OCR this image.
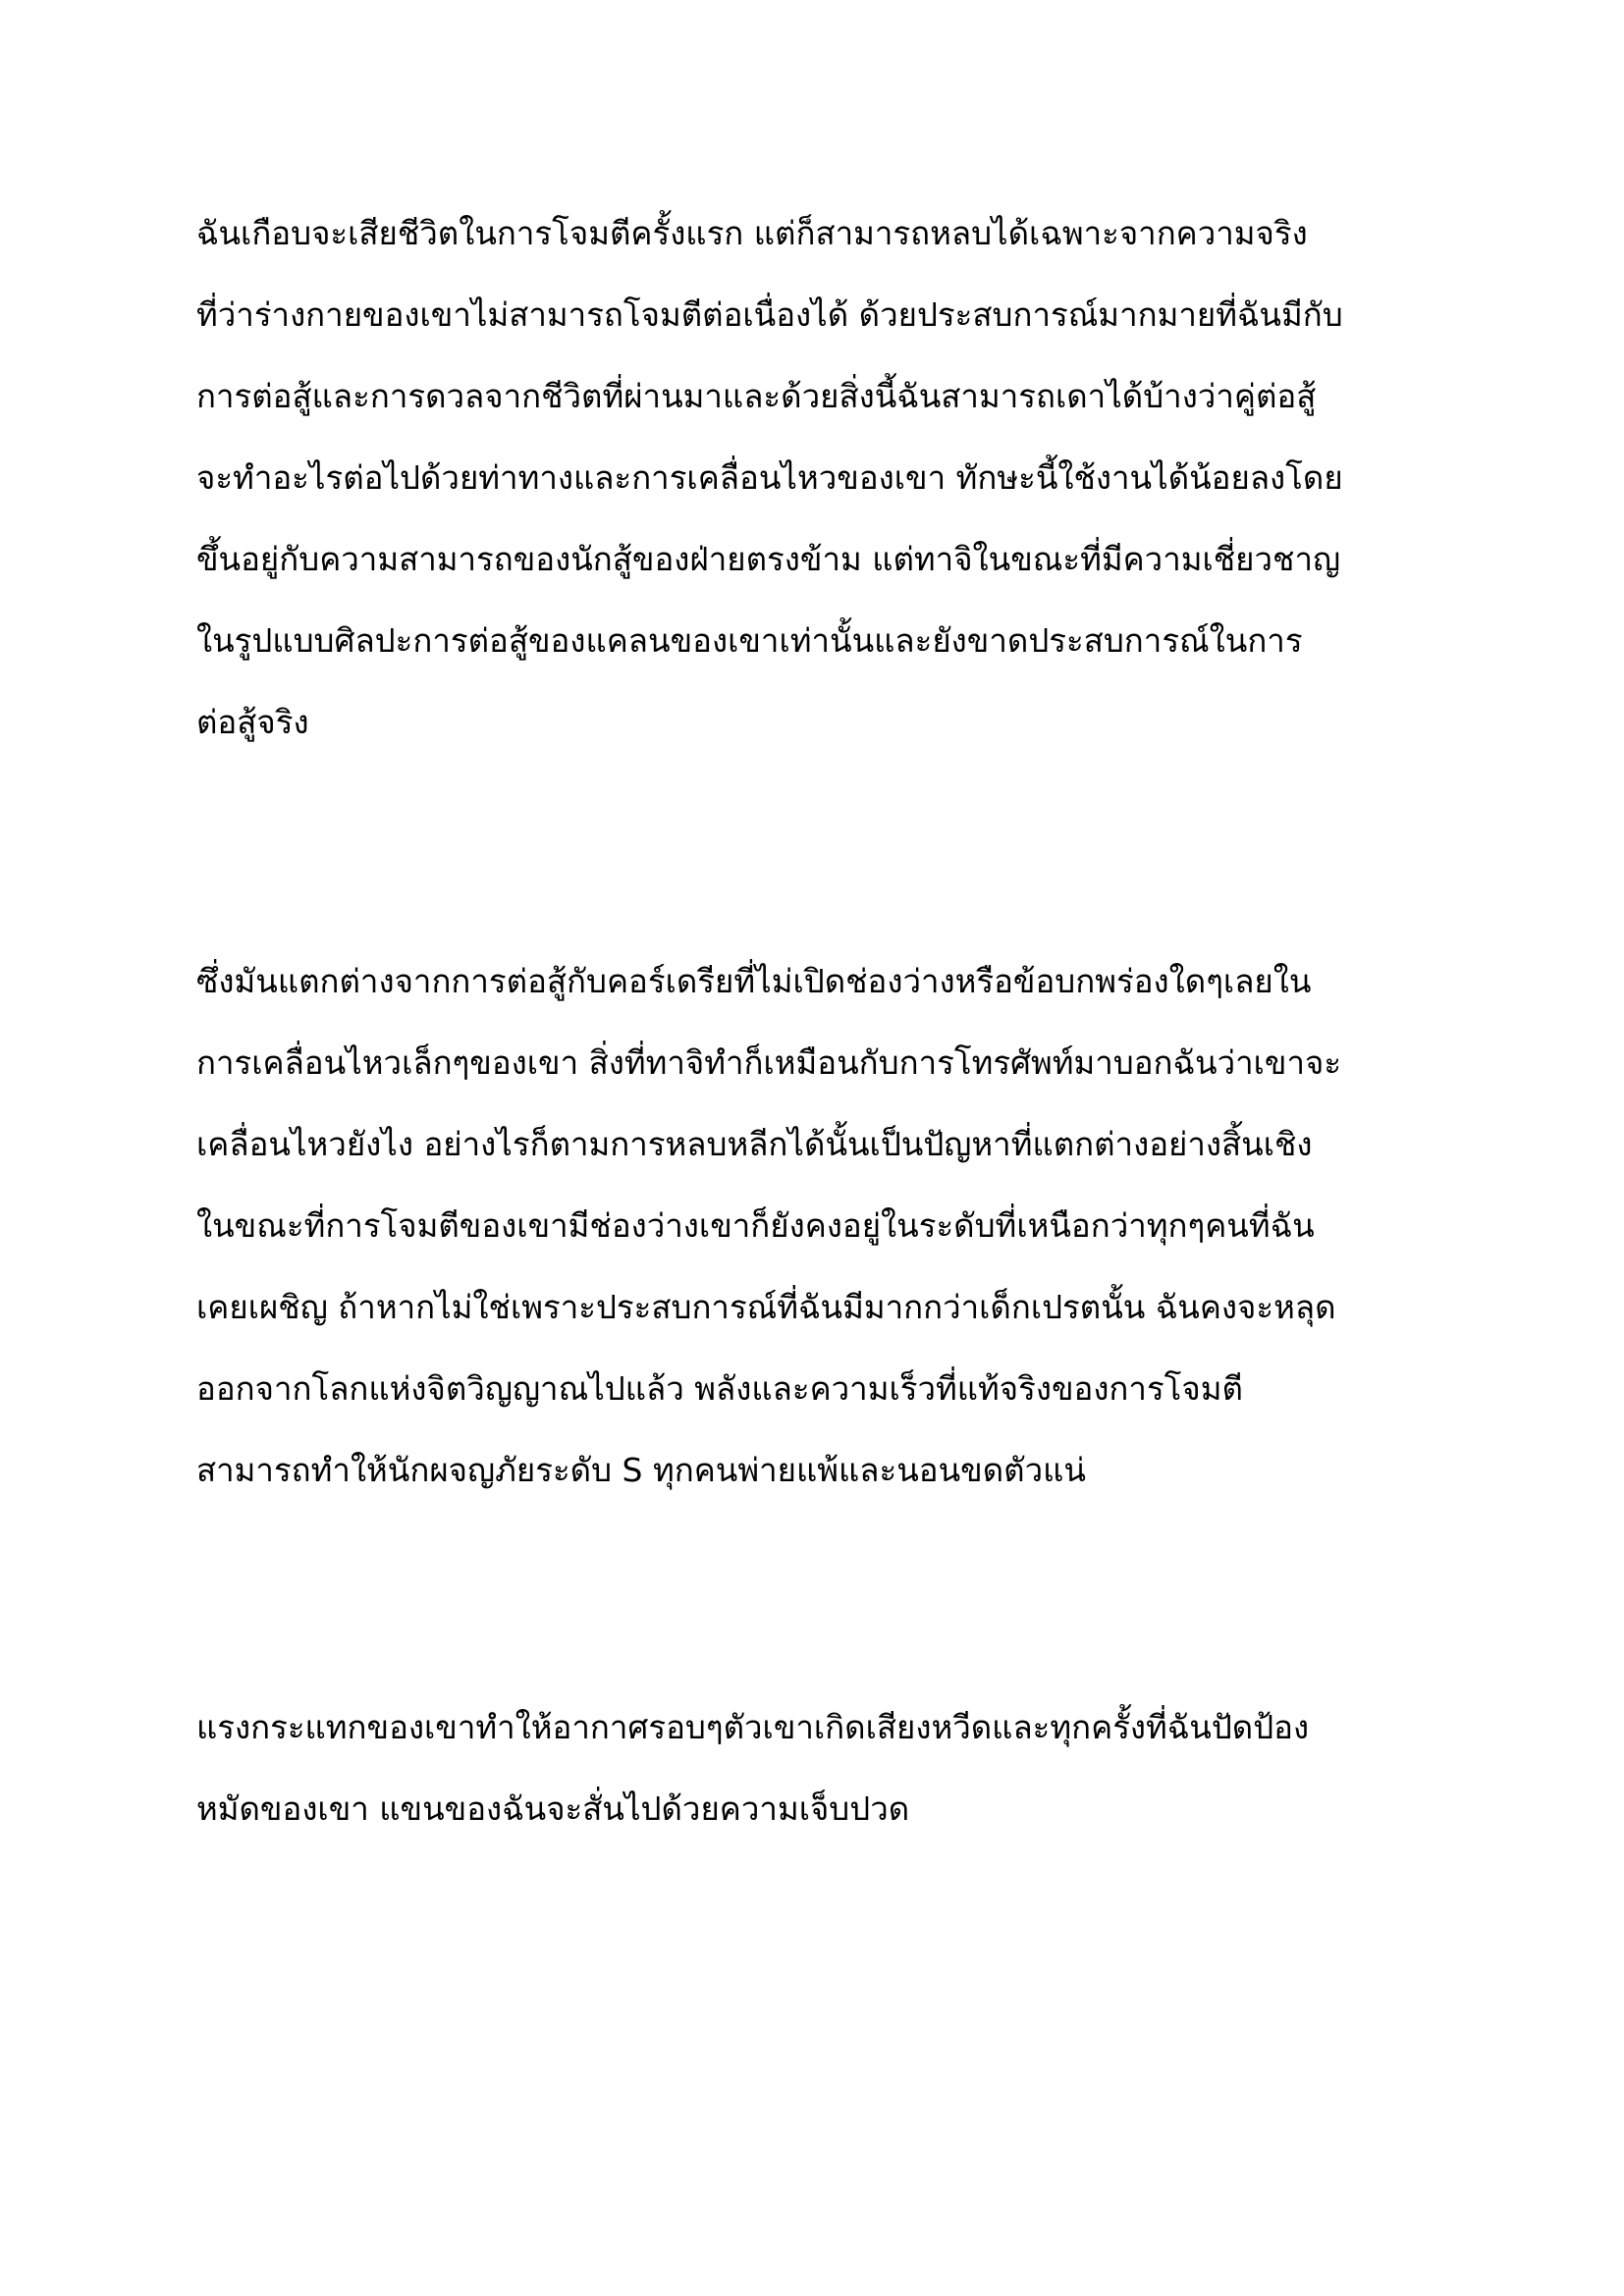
ฉันเกือบจะเสียชีวิตในการโจมตีครั้งแรก แต่ก็สามารถหลบได้เฉพาะจากความจริง
ที่ว่าร่างกายของเขาไม่สามารถโจมตีต่อเนื่องได้ ด้วยประสบการณ์มากมายที่ฉันมีกับ
การต่อสู้และการดวลจากชีวิตที่ผ่านมาและด้วยสิ่งนี้ฉันสามารถเดาได้บ้างว่าคู่ต่อสู้
จะทำอะไรต่อไปด้วยท่าทางและการเคลื่อนไหวของเขา ทักษะนี้ใช้งานได้น้อยลงโดย
ขึ้นอยู่กับความสามารถของนักสู้ของฝ่ายตรงข้าม แต่ทาจิในขณะที่มีความเชี่ยวชาญ
ในรูปแบบศิลปะการต่อสู้ของแคลนของเขาเท่านั้นและยังขาดประสบการณ์ในการ
ต่อสู้จริง
ซึ่งมันแตกต่างจากการต่อสู้กับคอร์เดรียที่ไม่เปิดช่องว่างหรือข้อบกพร่องใดๆเลยใน
การเคลื่อนไหวเล็กๆของเขา สิ่งที่ทาจิทำก็เหมือนกับการโทรศัพท์มาบอกฉันว่าเขาจะ
เคลื่อนไหวยังไง อย่างไรก็ตามการหลบหลีกได้นั้นเป็นปัญหาที่แตกต่างอย่างสิ้นเชิง
ในขณะที่การโจมตีของเขามีช่องว่างเขาก็ยังคงอยู่ในระดับที่เหนือกว่าทุกๆคนที่ฉัน
เคยเผชิญ ถ้าหากไม่ใช่เพราะประสบการณ์ที่ฉันมีมากกว่าเด็กเปรตนั้น ฉันคงจะหลุด
ออกจากโลกแห่งจิตวิญญาณไปแล้ว พลังและความเร็วที่แท้จริงของการโจมตี
สามารถทำให้นักผจญภัยระดับ S ทุกคนพ่ายแพ้และนอนขดตัวแน่
แรงกระแทกของเขาทำให้อากาศรอบๆตัวเขาเกิดเสียงหวีดและทุกครั้งที่ฉันปัดป้อง
หมัดของเขา แขนของฉันจะสั่นไปด้วยความเจ็บปวด
